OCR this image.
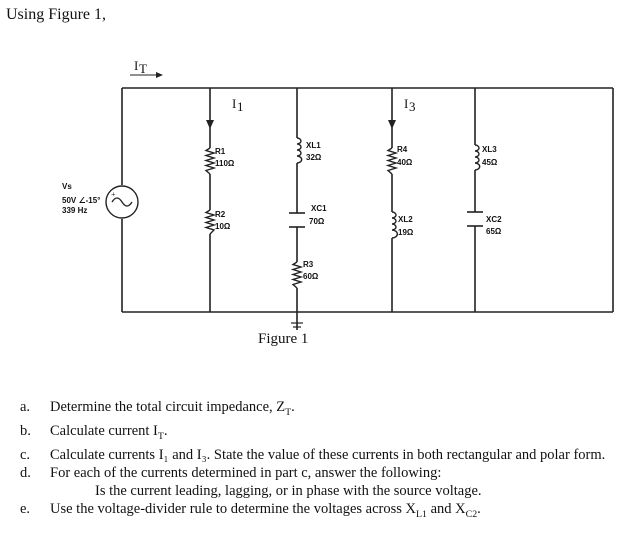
Using Figure 1,
+
Vs
50V ∠-15°
339 Hz
I T
I 1	I 3
R1
110Ω
R2
10Ω
XL1
32Ω
XC1
70Ω
R3
60Ω
R4
40Ω
XL2
19Ω
XL3
45Ω
XC2
65Ω
Figure 1
a. Determine the total circuit impedance, $Z_T$.
b. Calculate current $I_T$.
c. Calculate currents I₁ and I₃. State the value of these currents in both rectangular and polar form.
d. For each of the currents determined in part c, answer the following:
Is the current leading, lagging, or in phase with the source voltage.
e. Use the voltage-divider rule to determine the voltages across $X_{L1}$ and $X_{C2}$.
